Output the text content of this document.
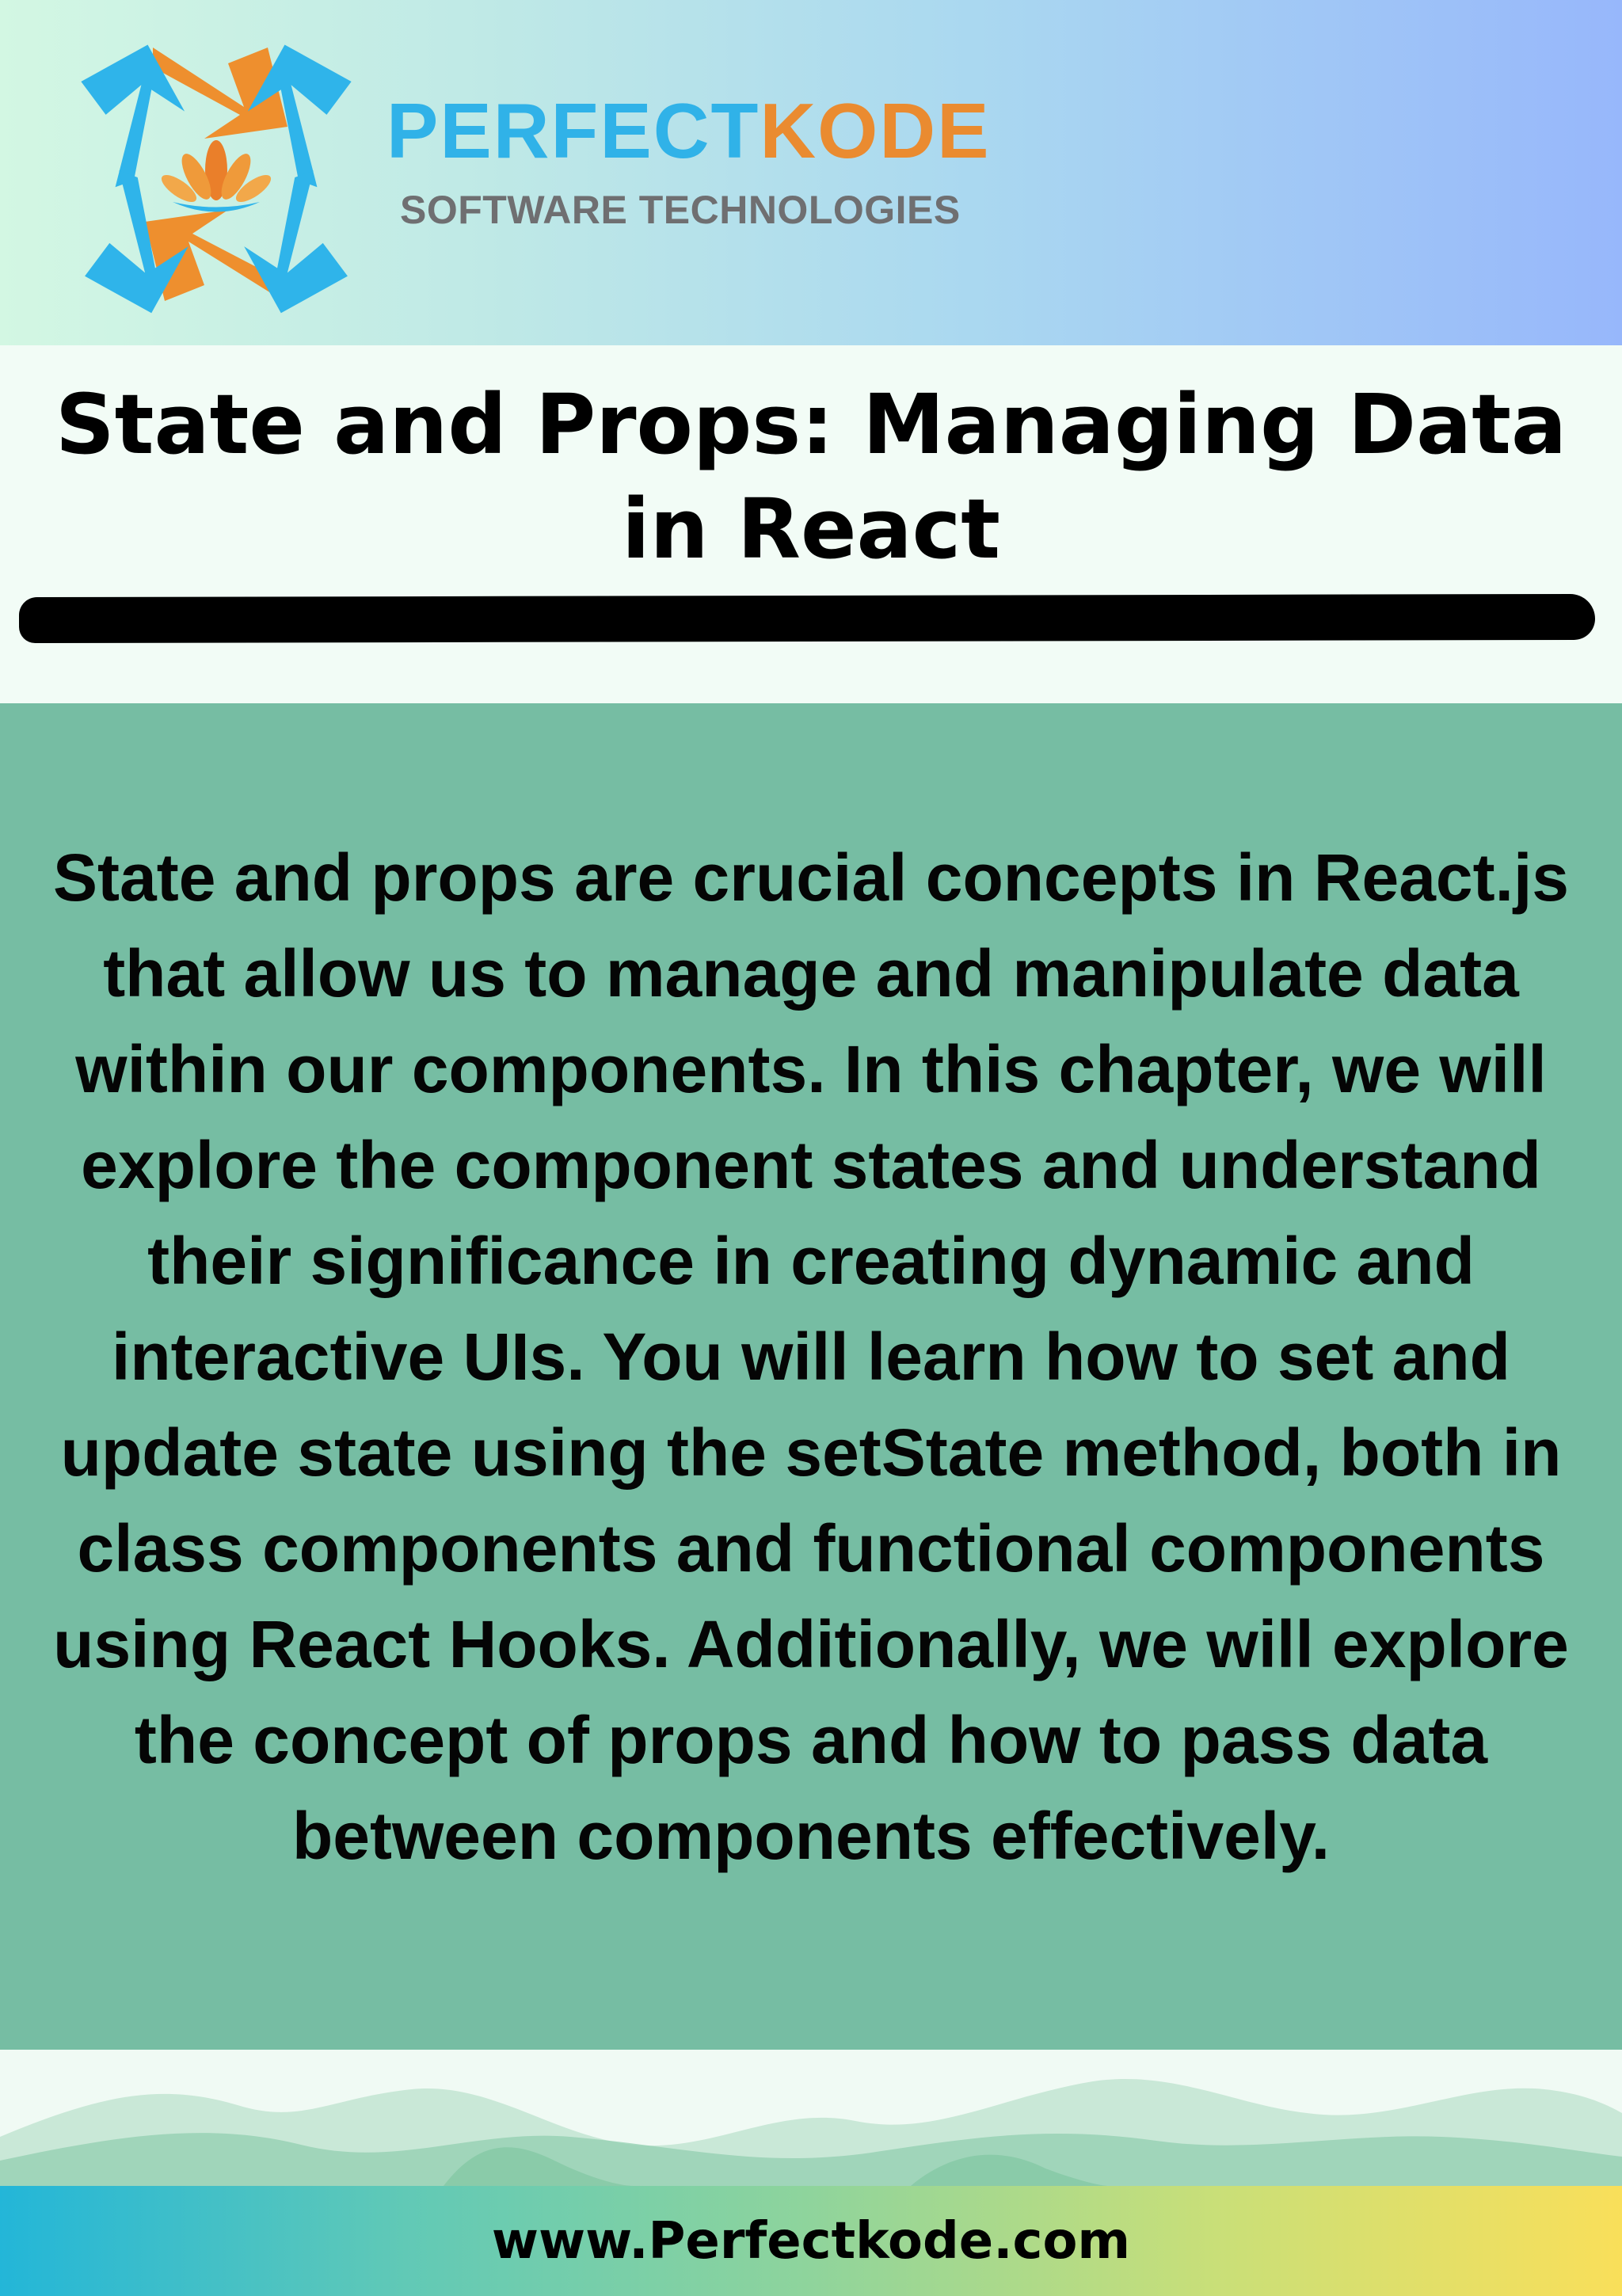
PERFECTKODE
SOFTWARE TECHNOLOGIES
State and Props: Managing Data in React

State and props are crucial concepts in React.js that allow us to manage and manipulate data within our components. In this chapter, we will explore the component states and understand their significance in creating dynamic and interactive UIs. You will learn how to set and update state using the setState method, both in class components and functional components using React Hooks. Additionally, we will explore the concept of props and how to pass data between components effectively.

www.Perfectkode.com
